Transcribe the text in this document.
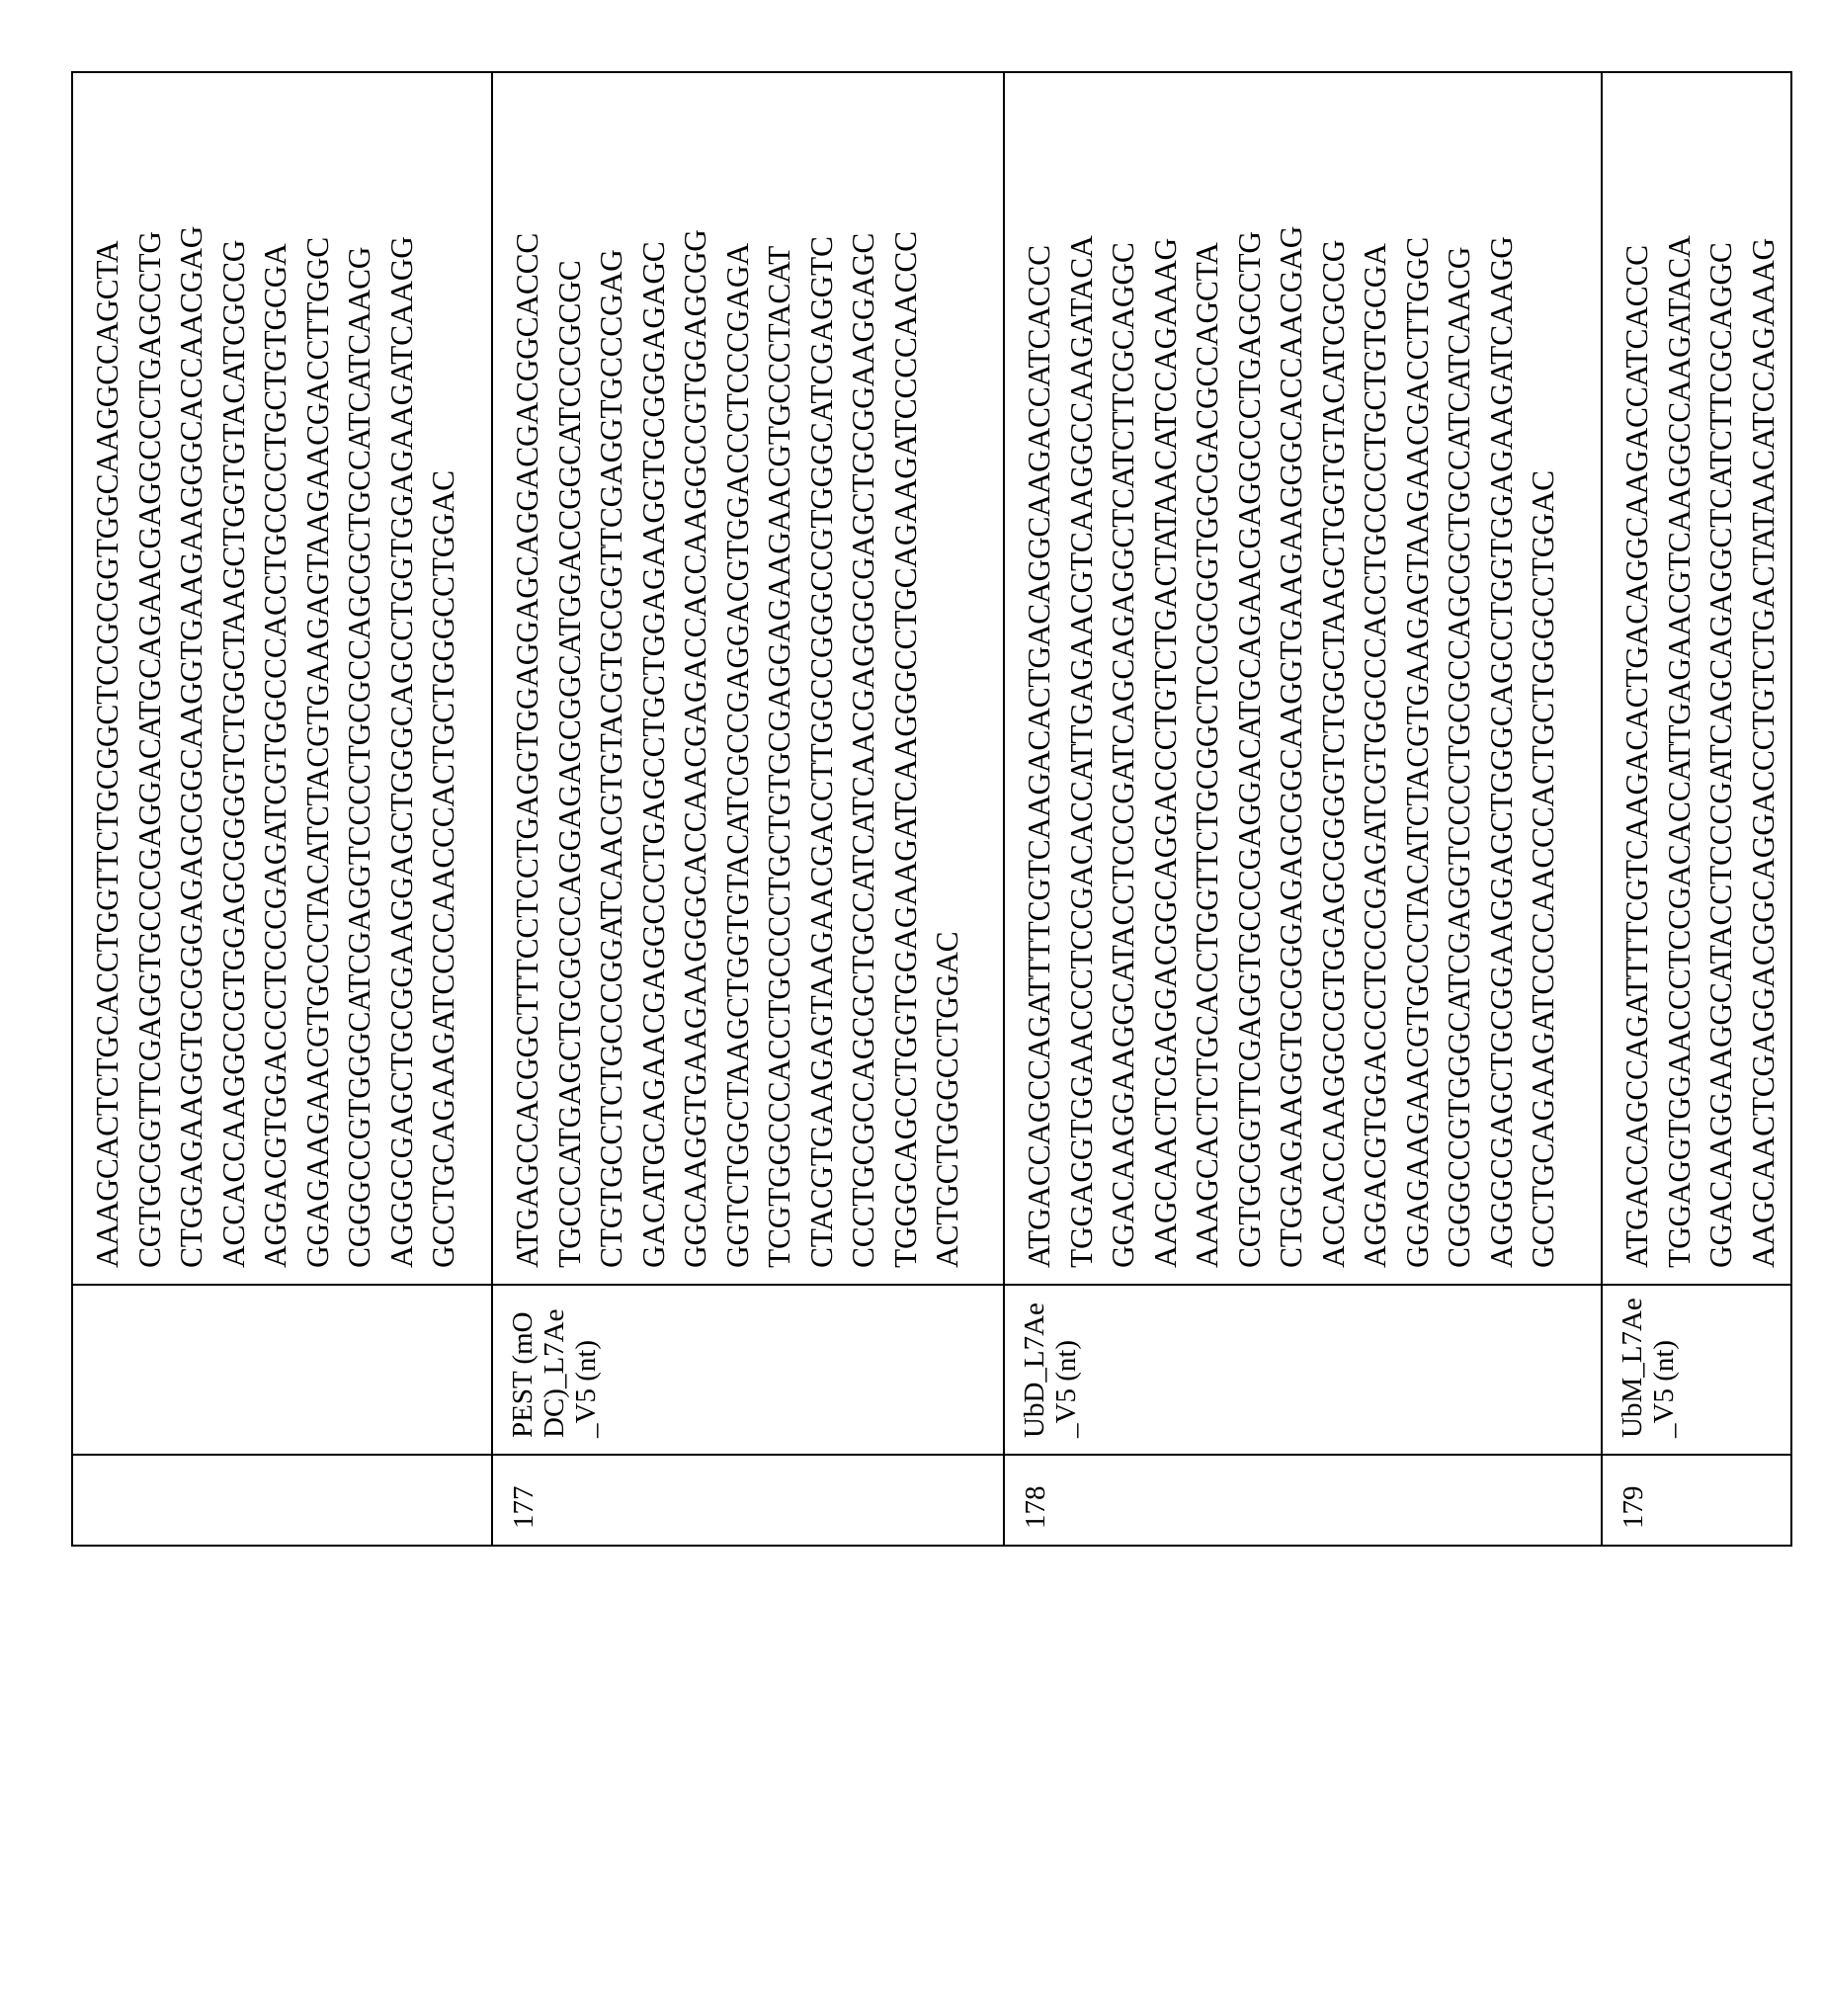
AAAGCACTCTGCACCTGGTTCTGCGGCTCCGCGGTGGCAAGGCCAGCTA CGTGCGGTTCGAGGTGCCCGAGGACATGCAGAACGAGGCCCTGAGCCTG CTGGAGAAGGTGCGGGAGAGCGGCAAGGTGAAGAAGGGCACCAACGAG ACCACCAAGGCCGTGGAGCGGGGTCTGGCTAAGCTGGTGTACATCGCCG AGGACGTGGACCCTCCCGAGATCGTGGCCCACCTGCCCCTGCTGTGCGA GGAGAAGAACGTGCCCTACATCTACGTGAAGAGTAAGAACGACCTTGGC CGGGCCGTGGGCATCGAGGTCCCCTGCGCCAGCGCTGCCATCATCAACG AGGGCGAGCTGCGGAAGGAGCTGGGCAGCCTGGTGGAGAAGATCAAGG GCCTGCAGAAGATCCCCAACCCACTGCTGGGCCTGGAC

177	PEST (mODC)_L7Ae _V5 (nt)	
ATGAGCCACGGCTTTCCTCCTGAGGTGGAGGAGCAGGACGACGGCACCC TGCCCATGAGCTGCGCCCAGGAGAGCGGCATGGACCGGCATCCCGCGC CTGTGCCTCTGCCCGGATCAACGTGTACGTGCGGTTCGAGGTGCCCGAG GACATGCAGAACGAGGCCCTGAGCCTGCTGGAGAAGGTGCGGGAGAGC GGCAAGGTGAAGAAGGGCACCAACGAGACCACCAAGGCCGTGGAGCGG GGTCTGGCTAAGCTGGTGTACATCGCCGAGGACGTGGACCCTCCCGAGA TCGTGGCCCACCTGCCCCTGCTGTGCGAGGAGAAGAACGTGCCCTACAT CTACGTGAAGAGTAAGAACGACCTTGGCCGGGCCGTGGGCATCGAGGTC CCCTGCGCCAGCGCTGCCATCATCAACGAGGGCGAGCTGCGGAAGGAGC TGGGCAGCCTGGTGGAGAAGATCAAGGGCCTGCAGAAGATCCCCAACCC ACTGCTGGGCCTGGAC

178	UbD_L7Ae_V5 (nt)	
ATGACCAGCCAGATTTTCGTCAAGACACTGACAGGCAAGACCATCACCC TGGAGGTGGAACCCTCCGACACCATTGAGAACGTCAAGGCCAAGATACA GGACAAGGAAGGCATACCTCCCGATCAGCAGAGGCTCATCTTCGCAGGC AAGCAACTCGAGGACGGCAGGACCCTGTCTGACTATAACATCCAGAAAG AAAGCACTCTGCACCTGGTTCTGCGGCTCCGCGGTGGCGACGCCAGCTA CGTGCGGTTCGAGGTGCCCGAGGACATGCAGAACGAGGCCCTGAGCCTG CTGGAGAAGGTGCGGGAGAGCGGCAAGGTGAAGAAGGGCACCAACGAG ACCACCAAGGCCGTGGAGCGGGGTCTGGCTAAGCTGGTGTACATCGCCG AGGACGTGGACCCTCCCGAGATCGTGGCCCACCTGCCCCTGCTGTGCGA GGAGAAGAACGTGCCCTACATCTACGTGAAGAGTAAGAACGACCTTGGC CGGGCCGTGGGCATCGAGGTCCCCTGCGCCAGCGCTGCCATCATCAACG AGGGCGAGCTGCGGAAGGAGCTGGGCAGCCTGGTGGAGAAGATCAAGG GCCTGCAGAAGATCCCCAACCCACTGCTGGGCCTGGAC

179	UbM_L7Ae_V5 (nt)	ATGACCAGCCAGATTTTCGTCAAGACACTGACAGGCAAGACCATCACCC TGGAGGTGGAACCCTCCGACACCATTGAGAACGTCAAGGCCAAGATACA GGACAAGGAAGGCATACCTCCCGATCAGCAGAGGCTCATCTTCGCAGGC AAGCAACTCGAGGACGGCAGGACCCTGTCTGACTATAACATCCAGAAAG
